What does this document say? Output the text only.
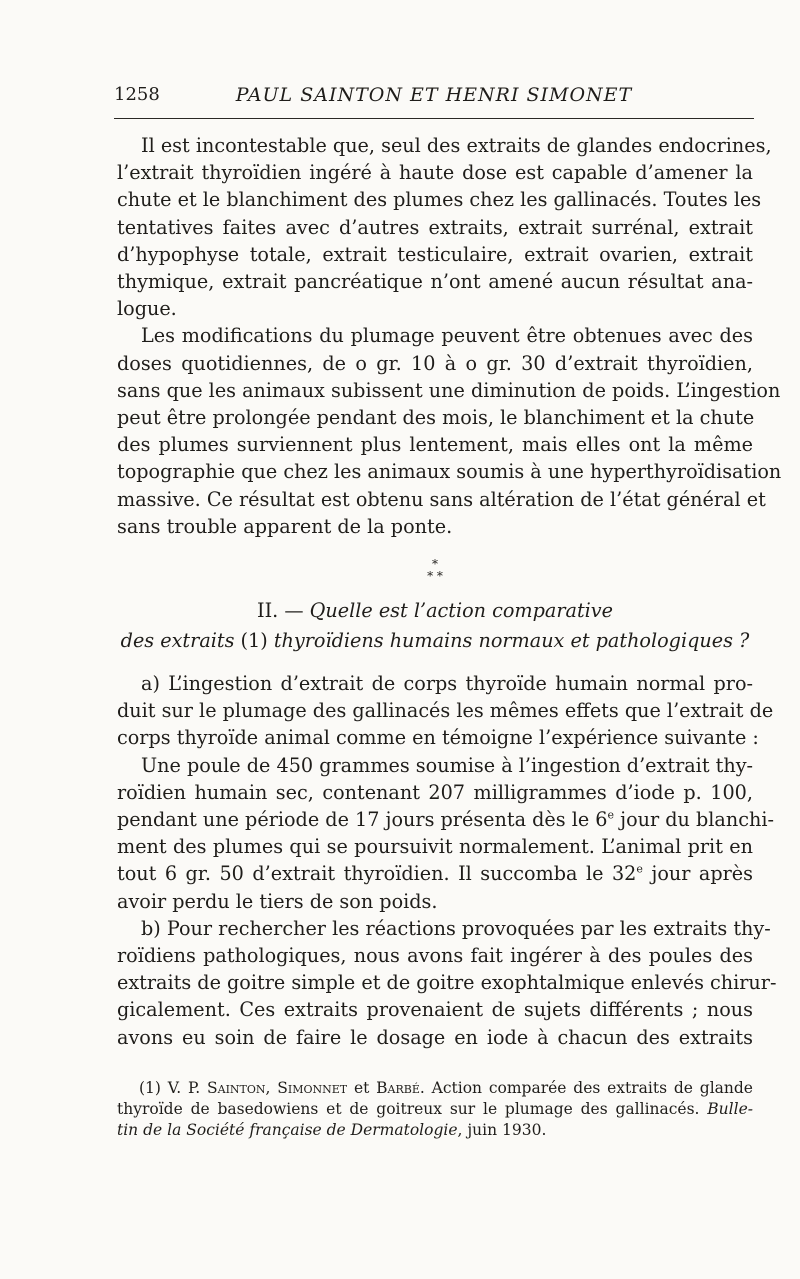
1258	PAUL SAINTON ET HENRI SIMONET

Il est incontestable que, seul des extraits de glandes endocrines,
l’extrait thyroïdien ingéré à haute dose est capable d’amener la
chute et le blanchiment des plumes chez les gallinacés. Toutes les
tentatives faites avec d’autres extraits, extrait surrénal, extrait
d’hypophyse totale, extrait testiculaire, extrait ovarien, extrait
thymique, extrait pancréatique n’ont amené aucun résultat ana-
logue.

Les modifications du plumage peuvent être obtenues avec des
doses quotidiennes, de o gr. 10 à o gr. 30 d’extrait thyroïdien,
sans que les animaux subissent une diminution de poids. L’ingestion
peut être prolongée pendant des mois, le blanchiment et la chute
des plumes surviennent plus lentement, mais elles ont la même
topographie que chez les animaux soumis à une hyperthyroïdisation
massive. Ce résultat est obtenu sans altération de l’état général et
sans trouble apparent de la ponte.

*
* *
II. — Quelle est l’action comparative
des extraits (1) thyroïdiens humains normaux et pathologiques ?

a) L’ingestion d’extrait de corps thyroïde humain normal pro-
duit sur le plumage des gallinacés les mêmes effets que l’extrait de
corps thyroïde animal comme en témoigne l’expérience suivante :

Une poule de 450 grammes soumise à l’ingestion d’extrait thy-
roïdien humain sec, contenant 207 milligrammes d’iode p. 100,
pendant une période de 17 jours présenta dès le 6e jour du blanchi-
ment des plumes qui se poursuivit normalement. L’animal prit en
tout 6 gr. 50 d’extrait thyroïdien. Il succomba le 32e jour après
avoir perdu le tiers de son poids.

b) Pour rechercher les réactions provoquées par les extraits thy-
roïdiens pathologiques, nous avons fait ingérer à des poules des
extraits de goitre simple et de goitre exophtalmique enlevés chirur-
gicalement. Ces extraits provenaient de sujets différents ; nous
avons eu soin de faire le dosage en iode à chacun des extraits

(1) V. P. Sainton, Simonnet et Barbé. Action comparée des extraits de glande
thyroïde de basedowiens et de goitreux sur le plumage des gallinacés. Bulle-
tin de la Société française de Dermatologie, juin 1930.
